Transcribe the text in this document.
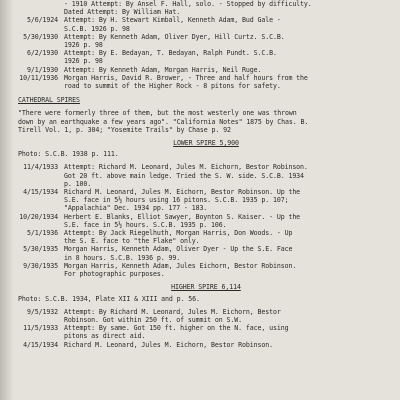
- 1910 Attempt: By Ansel F. Hall, solo. - Stopped by difficulty.
Dated Attempt: By William Hat.
5/6/1924 Attempt: By H. Stewart Kimball, Kenneth Adam, Bud Gale -
S.C.B. 1926 p. 98
5/30/1930 Attempt: By Kenneth Adam, Oliver Dyer, Hill Curtz. S.C.B.
1926 p. 98
6/2/1930 Attempt: By E. Bedayan, T. Bedayan, Ralph Pundt. S.C.B.
1926 p. 98
9/1/1930 Attempt: By Kenneth Adam, Morgan Harris, Neil Ruge.
10/11/1936 Morgan Harris, David R. Brower, - Three and half hours from the
road to summit of the Higher Rock - 8 pitons for safety.
CATHEDRAL SPIRES
"There were formerly three of them, but the most westerly one was thrown
down by an earthquake a few years ago". "California Notes" 1875 by Chas. B.
Tirell Vol. 1, p. 304; "Yosemite Trails" by Chase p. 92
LOWER SPIRE 5,900
Photo: S.C.B. 1938 p. 111.
11/4/1933 Attempt: Richard M. Leonard, Jules M. Eichorn, Bestor Robinson.
Got 20 ft. above main ledge. Tried the S. W. side. S.C.B. 1934
p. 100.
4/15/1934 Richard M. Leonard, Jules M. Eichorn, Bestor Robinson. Up the
S.E. face in 5½ hours using 16 pitons. S.C.B. 1935 p. 107;
"Appalachia" Dec. 1934 pp. 177 - 183.
10/20/1934 Herbert E. Blanks, Elliot Sawyer, Boynton S. Kaiser. - Up the
S.E. face in 5½ hours. S.C.B. 1935 p. 106.
5/1/1936 Attempt: By Jack Riegelhuth, Morgan Harris, Don Woods. - Up
the S. E. face to "the Flake" only.
5/30/1935 Morgan Harris, Kenneth Adam, Oliver Dyer - Up the S.E. Face
in 8 hours. S.C.B. 1936 p. 99.
9/30/1935 Morgan Harris, Kenneth Adam, Jules Eichorn, Bestor Robinson.
For photographic purposes.
HIGHER SPIRE 6,114
Photo: S.C.B. 1934, Plate XII & XIII and p. 56.
9/5/1932 Attempt: By Richard M. Leonard, Jules M. Eichorn, Bestor
Robinson. Got within 250 ft. of summit on S.W.
11/5/1933 Attempt: By same. Got 150 ft. higher on the N. face, using
pitons as direct aid.
4/15/1934 Richard M. Leonard, Jules M. Eichorn, Bestor Robinson.
